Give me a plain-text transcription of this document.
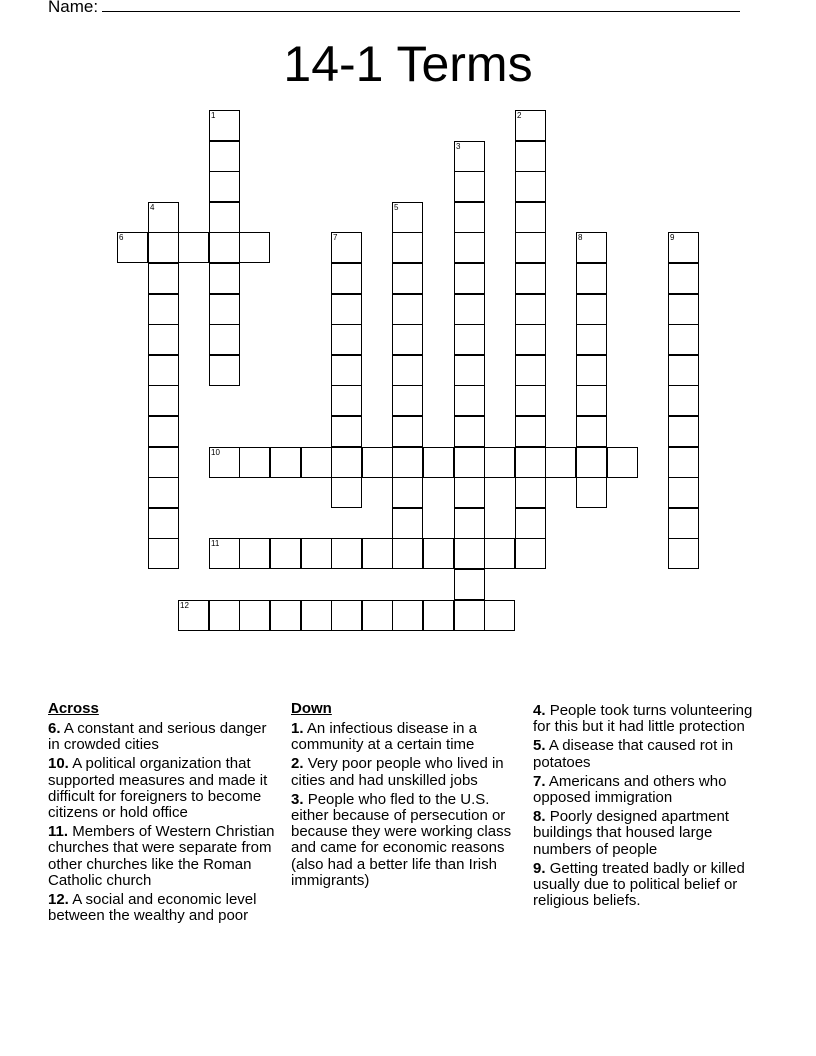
Name:
14-1 Terms
1	2
3
4	5
6	7	8	9
10
11
12
Across
6. A constant and serious danger in crowded cities
10. A political organization that supported measures and made it difficult for foreigners to become citizens or hold office
11. Members of Western Christian churches that were separate from other churches like the Roman Catholic church
12. A social and economic level between the wealthy and poor
Down
1. An infectious disease in a community at a certain time
2. Very poor people who lived in cities and had unskilled jobs
3. People who fled to the U.S. either because of persecution or because they were working class and came for economic reasons (also had a better life than Irish immigrants)
4. People took turns volunteering for this but it had little protection
5. A disease that caused rot in potatoes
7. Americans and others who opposed immigration
8. Poorly designed apartment buildings that housed large numbers of people
9. Getting treated badly or killed usually due to political belief or religious beliefs.
